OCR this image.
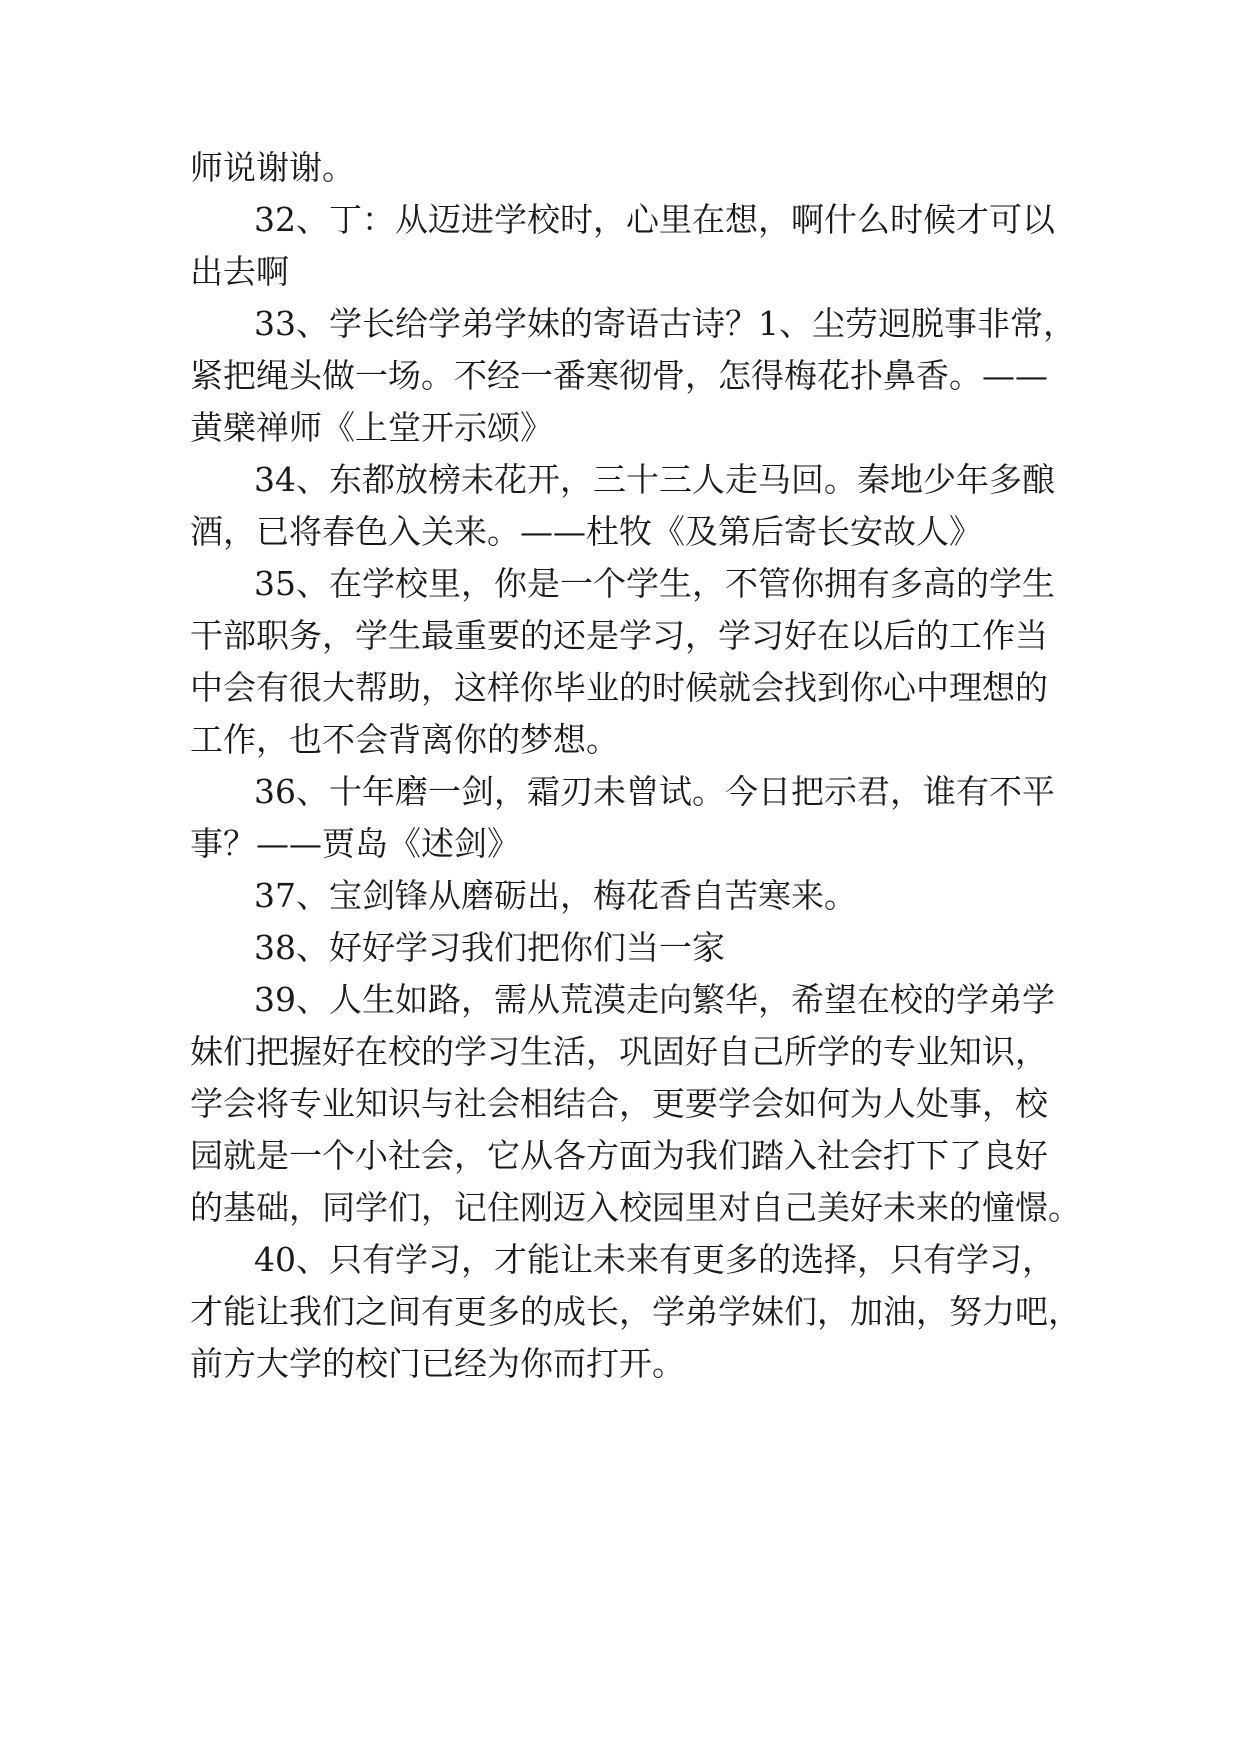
师说谢谢。
32、丁：从迈进学校时，心里在想，啊什么时候才可以
出去啊
33、学长给学弟学妹的寄语古诗？1、尘劳迥脱事非常，
紧把绳头做一场。不经一番寒彻骨，怎得梅花扑鼻香。——
黄檗禅师《上堂开示颂》
34、东都放榜未花开，三十三人走马回。秦地少年多酿
酒，已将春色入关来。——杜牧《及第后寄长安故人》
35、在学校里，你是一个学生，不管你拥有多高的学生
干部职务，学生最重要的还是学习，学习好在以后的工作当
中会有很大帮助，这样你毕业的时候就会找到你心中理想的
工作，也不会背离你的梦想。
36、十年磨一剑，霜刃未曾试。今日把示君，谁有不平
事？——贾岛《述剑》
37、宝剑锋从磨砺出，梅花香自苦寒来。
38、好好学习我们把你们当一家
39、人生如路，需从荒漠走向繁华，希望在校的学弟学
妹们把握好在校的学习生活，巩固好自己所学的专业知识，
学会将专业知识与社会相结合，更要学会如何为人处事，校
园就是一个小社会，它从各方面为我们踏入社会打下了良好
的基础，同学们，记住刚迈入校园里对自己美好未来的憧憬。
40、只有学习，才能让未来有更多的选择，只有学习，
才能让我们之间有更多的成长，学弟学妹们，加油，努力吧，
前方大学的校门已经为你而打开。
